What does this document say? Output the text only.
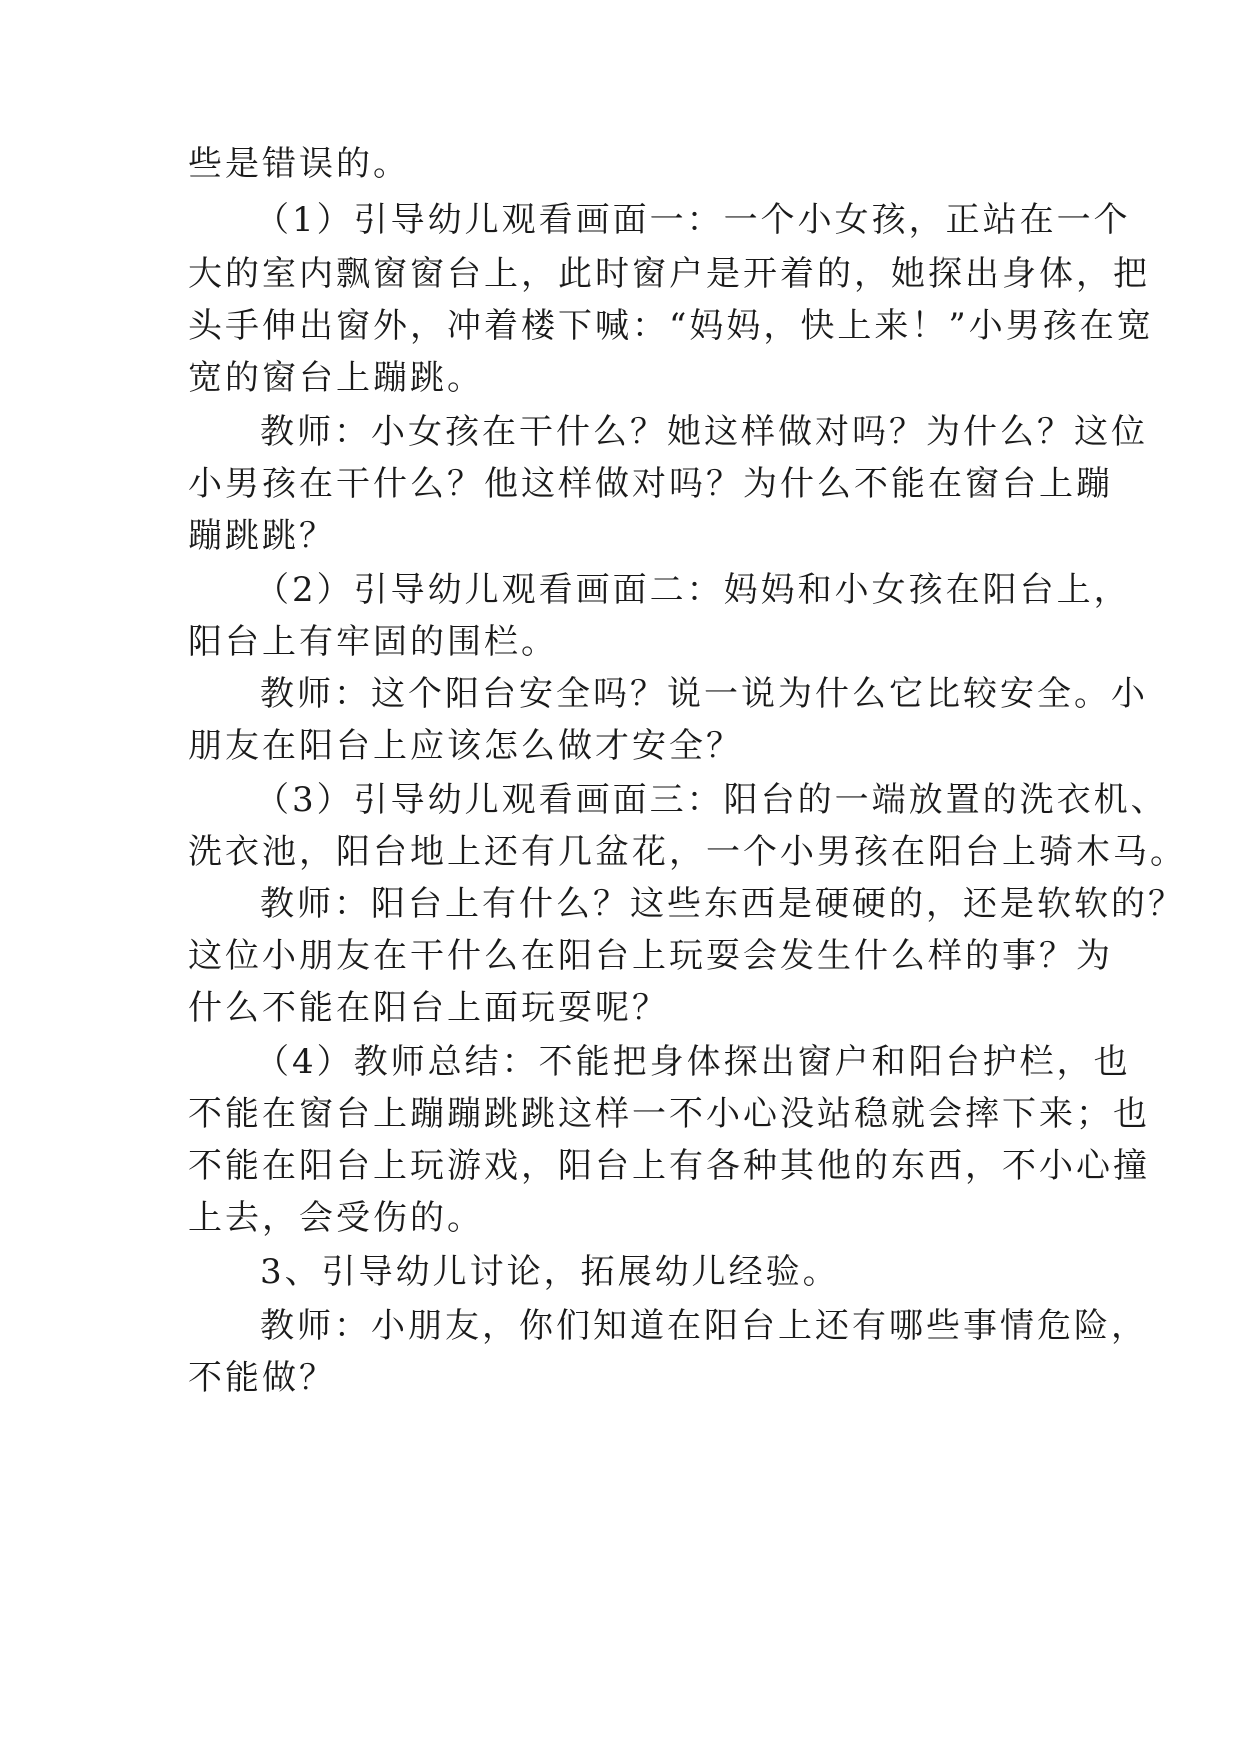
些是错误的。
（1）引导幼儿观看画面一：一个小女孩，正站在一个
大的室内飘窗窗台上，此时窗户是开着的，她探出身体，把
头手伸出窗外，冲着楼下喊：“妈妈，快上来！”小男孩在宽
宽的窗台上蹦跳。
教师：小女孩在干什么？她这样做对吗？为什么？这位
小男孩在干什么？他这样做对吗？为什么不能在窗台上蹦
蹦跳跳？
（2）引导幼儿观看画面二：妈妈和小女孩在阳台上，
阳台上有牢固的围栏。
教师：这个阳台安全吗？说一说为什么它比较安全。小
朋友在阳台上应该怎么做才安全？
（3）引导幼儿观看画面三：阳台的一端放置的洗衣机、
洗衣池，阳台地上还有几盆花，一个小男孩在阳台上骑木马。
教师：阳台上有什么？这些东西是硬硬的，还是软软的？
这位小朋友在干什么在阳台上玩耍会发生什么样的事？为
什么不能在阳台上面玩耍呢？
（4）教师总结：不能把身体探出窗户和阳台护栏，也
不能在窗台上蹦蹦跳跳这样一不小心没站稳就会摔下来；也
不能在阳台上玩游戏，阳台上有各种其他的东西，不小心撞
上去，会受伤的。
3、引导幼儿讨论，拓展幼儿经验。
教师：小朋友，你们知道在阳台上还有哪些事情危险，
不能做？
